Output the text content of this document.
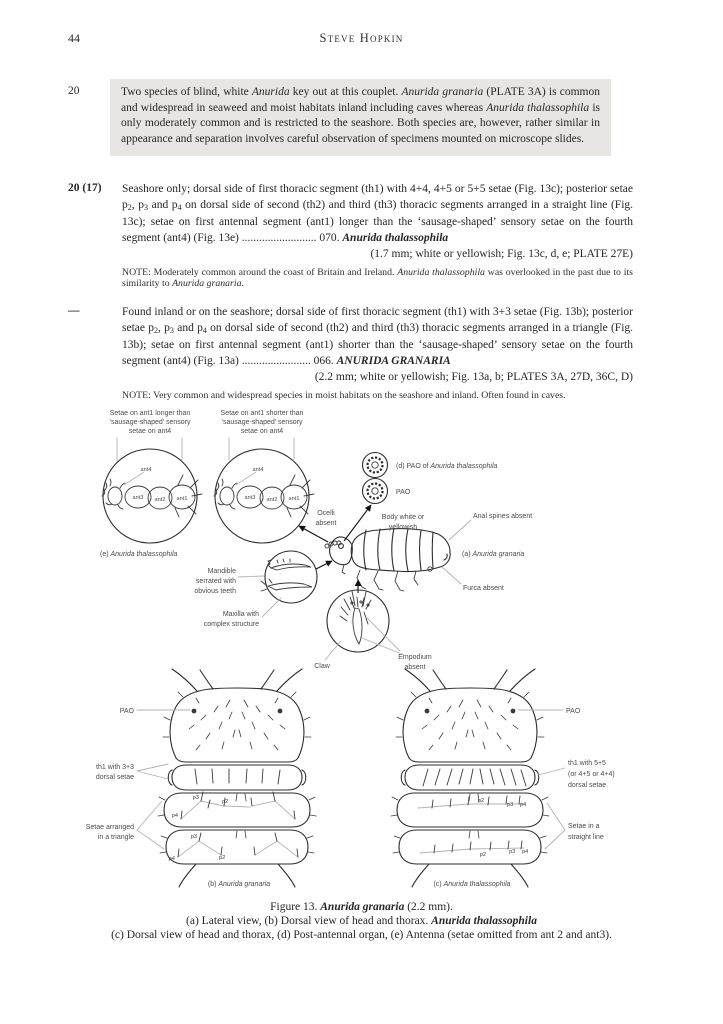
44	Steve Hopkin
20	Two species of blind, white Anurida key out at this couplet. Anurida granaria (PLATE 3A) is common and widespread in seaweed and moist habitats inland including caves whereas Anurida thalassophila is only moderately common and is restricted to the seashore. Both species are, however, rather similar in appearance and separation involves careful observation of specimens mounted on microscope slides.
20 (17)	Seashore only; dorsal side of first thoracic segment (th1) with 4+4, 4+5 or 5+5 setae (Fig. 13c); posterior setae p2, p3 and p4 on dorsal side of second (th2) and third (th3) thoracic segments arranged in a straight line (Fig. 13c); setae on first antennal segment (ant1) longer than the ‘sausage-shaped’ sensory setae on the fourth segment (ant4) (Fig. 13e) .......................... 070. Anurida thalassophila
(1.7 mm; white or yellowish; Fig. 13c, d, e; PLATE 27E)
NOTE: Moderately common around the coast of Britain and Ireland. Anurida thalassophila was overlooked in the past due to its similarity to Anurida granaria.
—	Found inland or on the seashore; dorsal side of first thoracic segment (th1) with 3+3 setae (Fig. 13b); posterior setae p2, p3 and p4 on dorsal side of second (th2) and third (th3) thoracic segments arranged in a triangle (Fig. 13b); setae on first antennal segment (ant1) shorter than the ‘sausage-shaped’ sensory setae on the fourth segment (ant4) (Fig. 13a) ........................ 066. ANURIDA GRANARIA
(2.2 mm; white or yellowish; Fig. 13a, b; PLATES 3A, 27D, 36C, D)
NOTE: Very common and widespread species in moist habitats on the seashore and inland. Often found in caves.
Setae on ant1 longer than
‘sausage-shaped’ sensory
setae on ant4
ant4
ant3 ant2 ant1
(e) Anurida thalassophila
Setae on ant1 shorter than
‘sausage-shaped’ sensory
setae on ant4
ant4
ant3 ant2 ant1
(d) PAO of Anurida thalassophila
PAO
Ocelli
absent
Body white or
yellowish
Anal spines absent
(a) Anurida granaria
Furca absent
Mandible
serrated with
obvious teeth
Maxilla with
complex structure
Claw
Empodium
absent
p3
p2
p4
p3
p2
p4
PAO
th1 with 3+3
dorsal setae
Setae arranged
in a triangle
(b) Anurida granaria
p2
p3 p4
p2	p3 p4
PAO
th1 with 5+5
(or 4+5 or 4+4)
dorsal setae
Setae in a
straight line
(c) Anurida thalassophila
Figure 13. Anurida granaria (2.2 mm).
(a) Lateral view, (b) Dorsal view of head and thorax. Anurida thalassophila
(c) Dorsal view of head and thorax, (d) Post-antennal organ, (e) Antenna (setae omitted from ant 2 and ant3).
